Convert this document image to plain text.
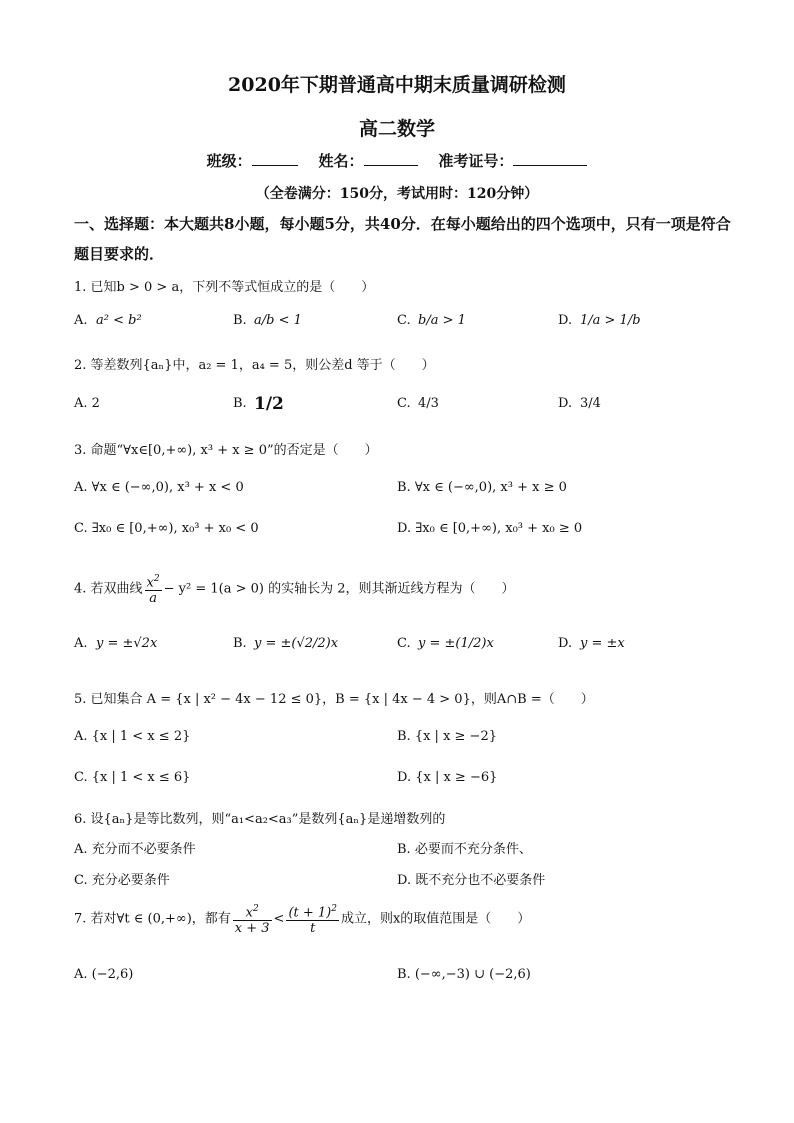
2020年下期普通高中期末质量调研检测
高二数学
班级：	姓名：	准考证号：
（全卷满分：150分，考试用时：120分钟）
一、选择题：本大题共8小题，每小题5分，共40分．在每小题给出的四个选项中，只有一项是符合题目要求的．
1. 已知b > 0 > a，下列不等式恒成立的是（　　）
A. a² < b²	B. a/b < 1	C. b/a > 1	D. 1/a > 1/b
2. 等差数列{aₙ}中，a₂ = 1，a₄ = 5，则公差d 等于（　　）
A. 2	B. 1/2	C. 4/3	D. 3/4
3. 命题“∀x∈[0,+∞), x³ + x ≥ 0”的否定是（　　）
A. ∀x ∈ (−∞,0), x³ + x < 0	B. ∀x ∈ (−∞,0), x³ + x ≥ 0
C. ∃x₀ ∈ [0,+∞), x₀³ + x₀ < 0	D. ∃x₀ ∈ [0,+∞), x₀³ + x₀ ≥ 0
4. 若双曲线 $\frac{x^2}{a} - y^2 = 1(a > 0)$ 的实轴长为 2，则其渐近线方程为（　　）
A. y = ±√2x	B. y = ±(√2/2)x	C. y = ±(1/2)x	D. y = ±x
5. 已知集合 A = {x | x² − 4x − 12 ≤ 0}，B = {x | 4x − 4 > 0}，则A∩B =（　　）
A. {x | 1 < x ≤ 2}	B. {x | x ≥ −2}
C. {x | 1 < x ≤ 6}	D. {x | x ≥ −6}
6. 设{aₙ}是等比数列，则“a₁<a₂<a₃”是数列{aₙ}是递增数列的
A. 充分而不必要条件	B. 必要而不充分条件、
C. 充分必要条件	D. 既不充分也不必要条件
7. 若对∀t ∈ (0,+∞)，都有 $\frac{x^2}{x + 3} < \frac{(t + 1)^2}{t}$ 成立，则x的取值范围是（　　）
A. (−2,6)	B. (−∞,−3) ∪ (−2,6)
